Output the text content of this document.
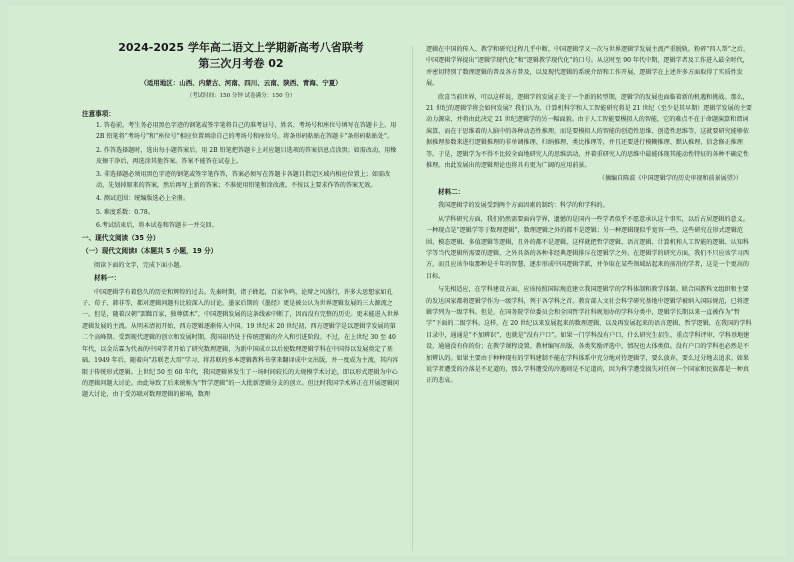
2024-2025 学年高二语文上学期新高考八省联考
第三次月考卷 02
（适用地区：山西、内蒙古、河南、四川、云南、陕西、青海、宁夏）
（考试时间：150 分钟 试卷满分：150 分）
注意事项：

1. 答卷前，考生务必用黑色字迹的钢笔或签字笔将自己的准考证号、姓名、考场号和座位号填写在答题卡上。用 2B 铅笔将“考场号”和“座位号”相应位置填涂自己的考场号和座位号。将条形码粘贴在答题卡“条形码粘贴处”。

2. 作答选择题时，选出每小题答案后，用 2B 铅笔把答题卡上对应题目选项的答案信息点涂黑；如需改动，用橡皮擦干净后，再选涂其他答案。答案不能答在试卷上。

3. 非选择题必须用黑色字迹的钢笔或签字笔作答，答案必须写在答题卡各题目指定区域内相应位置上；如需改动，先划掉原来的答案，然后再写上新的答案；不准使用铅笔和涂改液。不按以上要求作答的答案无效。

4. 测试范围：统编版选必上全册。

5. 难度系数：0.78。

6.考试结束后，将本试卷和答题卡一并交回。

一、现代文阅读（35 分）
（一）现代文阅读Ⅰ（本题共 5 小题，19 分）

阅读下面的文字，完成下面小题。

材料一：

中国逻辑学有着悠久的历史和辉煌的过去。先秦时期，诸子蜂起，百家争鸣，论辩之风盛行，许多大思想家如孔子、荀子、韩非等，都对逻辑问题有比较深入的讨论。墨家后期的《墨经》更是被公认为世界逻辑发展的三大源流之一。但是，随着汉朝“罢黜百家，独尊儒术”，中国逻辑发展的这条线索中断了，因而没有完整的历史。更未能进入世界逻辑发展的主流。从明末清初开始，西方逻辑逐渐传入中国。19 世纪末 20 世纪初，西方逻辑学是以逻辑学发展的第二个高峰期。受到现代逻辑的创立和发展时期，我国却仍处于传统逻辑的介入和引进阶段。不过，在上世纪 30 至 40 年代，以金岳霖为代表的中国学者开始了研究数理逻辑，为新中国成立以后使数理逻辑学科在中国得以发展奠定了基础。1949 年后，随着向“苏联老大哥”学习，将苏联的多本逻辑教科书拿来翻译成中文出版，并一度成为主流，其内容限于传统形式逻辑。上世纪 50 至 60 年代，我国逻辑界发生了一场时间较长的大规模学术讨论，即以形式逻辑为中心的逻辑问题大讨论。由此导致了后来统称为“哲学逻辑”的一大批新逻辑分支的创立。但比时我国学术界正在开展逻辑问题大讨论，由于受苏联对数理逻辑的影响，数理

逻辑在中国的传入、教学和研究过程几乎中断，中国逻辑学又一次与世界逻辑学发展主流严重脱轨。粉碎“四人帮”之后，中国逻辑学界提出“逻辑学现代化”和“逻辑教学现代化”的口号。从这时至 90 年代中期，逻辑学者及工作进入最全时代，并密切特别了数理逻辑的普及各方普及，以及现代逻辑的系统介绍和工作开展，逻辑学在上述许多方面取得了实质性发展。

欣喜当前世界，可以这样说，逻辑学的发展正处于一个新的转型期，逻辑学的发展也面临着新的机遇和挑战。那么，21 世纪的逻辑学将会如何发展？我们认为，计算机科学和人工智能研究将是 21 世纪（至少是其早期）逻辑学发展的主要动力源泉，并将由此决定 21 世纪逻辑学的另一幅面貌。由于人工智能要模拟人的智能，它的难点不在于命题演算和谓词演算，而在于思维着的人脑中的各种动态性推理，而是要模拟人的智能的创造性思维、创造性思维等，这就要研究能够依据推理参数来进行逻辑推理的非单调推理、归纳推理、类比推理等，并且还要进行模糊推理、默认推理、信念修正推理等。于是，逻辑学为不得不比较全面地研究人的思维活动，并着重研究人的思维中最能体现其能动性特征的各种不确定性推理。由此发展出的逻辑理论也将具有更为广阔的应用前景。

（摘编自陈波《中国逻辑学的历史审视和前景展望》）

材料二：

我国逻辑学的发展受到两个方面因素的制约：科学的和学科的。

从学科研究方面，我们仍然需要面向学界，遗憾的是国内一些学者似乎不愿意承认这个事实，以后占居逻辑的意义。一种现点是“逻辑学等于数理逻辑”，数理逻辑之外的都不是逻辑；另一种逻辑现似乎宽容一些，这些研究在形式逻辑范围、模态逻辑、多值逻辑等逻辑，且外的都不是逻辑。这样就把哲学逻辑、语言逻辑、计算机和人工智能的逻辑、认知科学等当代逻辑所需要的逻辑，之外具备的各种非经典逻辑排斥在逻辑学之外。在逻辑学的研究方面，我们不只应该学习西方，而且应该争取那种是千年的智慧，逐步形成中国逻辑学派，并争取在某些领域站起来的前沿的学者，这是一个更高的目标。

与先相适应，在学科建设方面，应该按照国际规范建立我国逻辑学的学科体制和教学体制。联合国教科文组织和主要的发达国家都将逻辑学作为一级学科，列于各学科之首。教育部人文社会科学研究基地中逻辑学被纳入国际规范，已将逻辑学列为一级学科。但是，在国务院学位委员会和全国哲学社科规划办的学科分类中，逻辑学长期以来一直被作为“哲学”下面的二级学科。这样，在 20 世纪以来发展起来的数理逻辑，以及再发展起来的语言逻辑、哲学逻辑，在我国的学科目录中，通通是“不加辨识”，也就是“没有户口”。如果一门学科没有户口，什么研究生招生、重点学科评审、学科基地建设，通通没有你的份；在教学课程设置、教材编写出版、各类奖励评选中，情况也大体类似。没有户口的学科也必然是不加辨认的。如果主要由于种种现有的学科建制不能在学科体系中充分地对待逻辑学，要么放弃，要么过分地去追求。如果说学者遭受的冷落是不足道的，那么学科遭受的冷遇则是不足道的，因为科学遭受损失对任何一个国家和民族都是一种真正的悲哀。
